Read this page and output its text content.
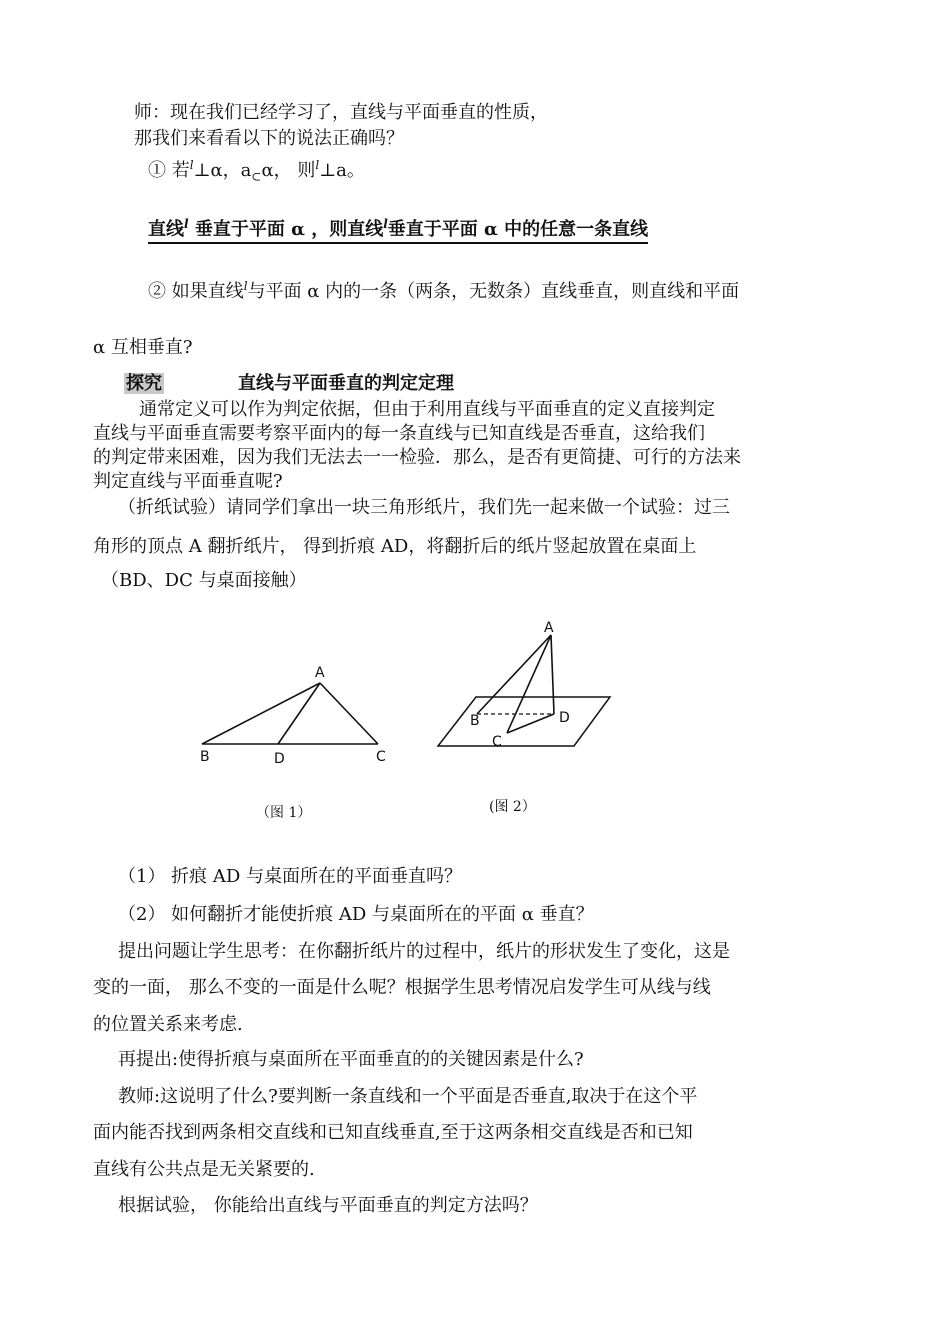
师：现在我们已经学习了，直线与平面垂直的性质，
那我们来看看以下的说法正确吗？
① 若$^l$⊥α，$a_\subset\alpha$， 则$^l$⊥a。
直线$^l$ 垂直于平面 α ，则直线$^l$垂直于平面 α 中的任意一条直线
② 如果直线$^l$与平面 α 内的一条（两条，无数条）直线垂直，则直线和平面
α 互相垂直?
探究	直线与平面垂直的判定定理
通常定义可以作为判定依据，但由于利用直线与平面垂直的定义直接判定
直线与平面垂直需要考察平面内的每一条直线与已知直线是否垂直，这给我们
的判定带来困难，因为我们无法去一一检验．那么，是否有更简捷、可行的方法来
判定直线与平面垂直呢?
（折纸试验）请同学们拿出一块三角形纸片，我们先一起来做一个试验：过三
角形的顶点 A 翻折纸片， 得到折痕 AD，将翻折后的纸片竖起放置在桌面上
（BD、DC 与桌面接触）
A
B	D	C
（图 1）
A
B	D
C
(图 2）
（1） 折痕 AD 与桌面所在的平面垂直吗？
（2） 如何翻折才能使折痕 AD 与桌面所在的平面 α 垂直？
提出问题让学生思考：在你翻折纸片的过程中，纸片的形状发生了变化，这是
变的一面， 那么不变的一面是什么呢？根据学生思考情况启发学生可从线与线
的位置关系来考虑.
再提出:使得折痕与桌面所在平面垂直的的关键因素是什么?
教师:这说明了什么?要判断一条直线和一个平面是否垂直,取决于在这个平
面内能否找到两条相交直线和已知直线垂直,至于这两条相交直线是否和已知
直线有公共点是无关紧要的.
根据试验， 你能给出直线与平面垂直的判定方法吗？
